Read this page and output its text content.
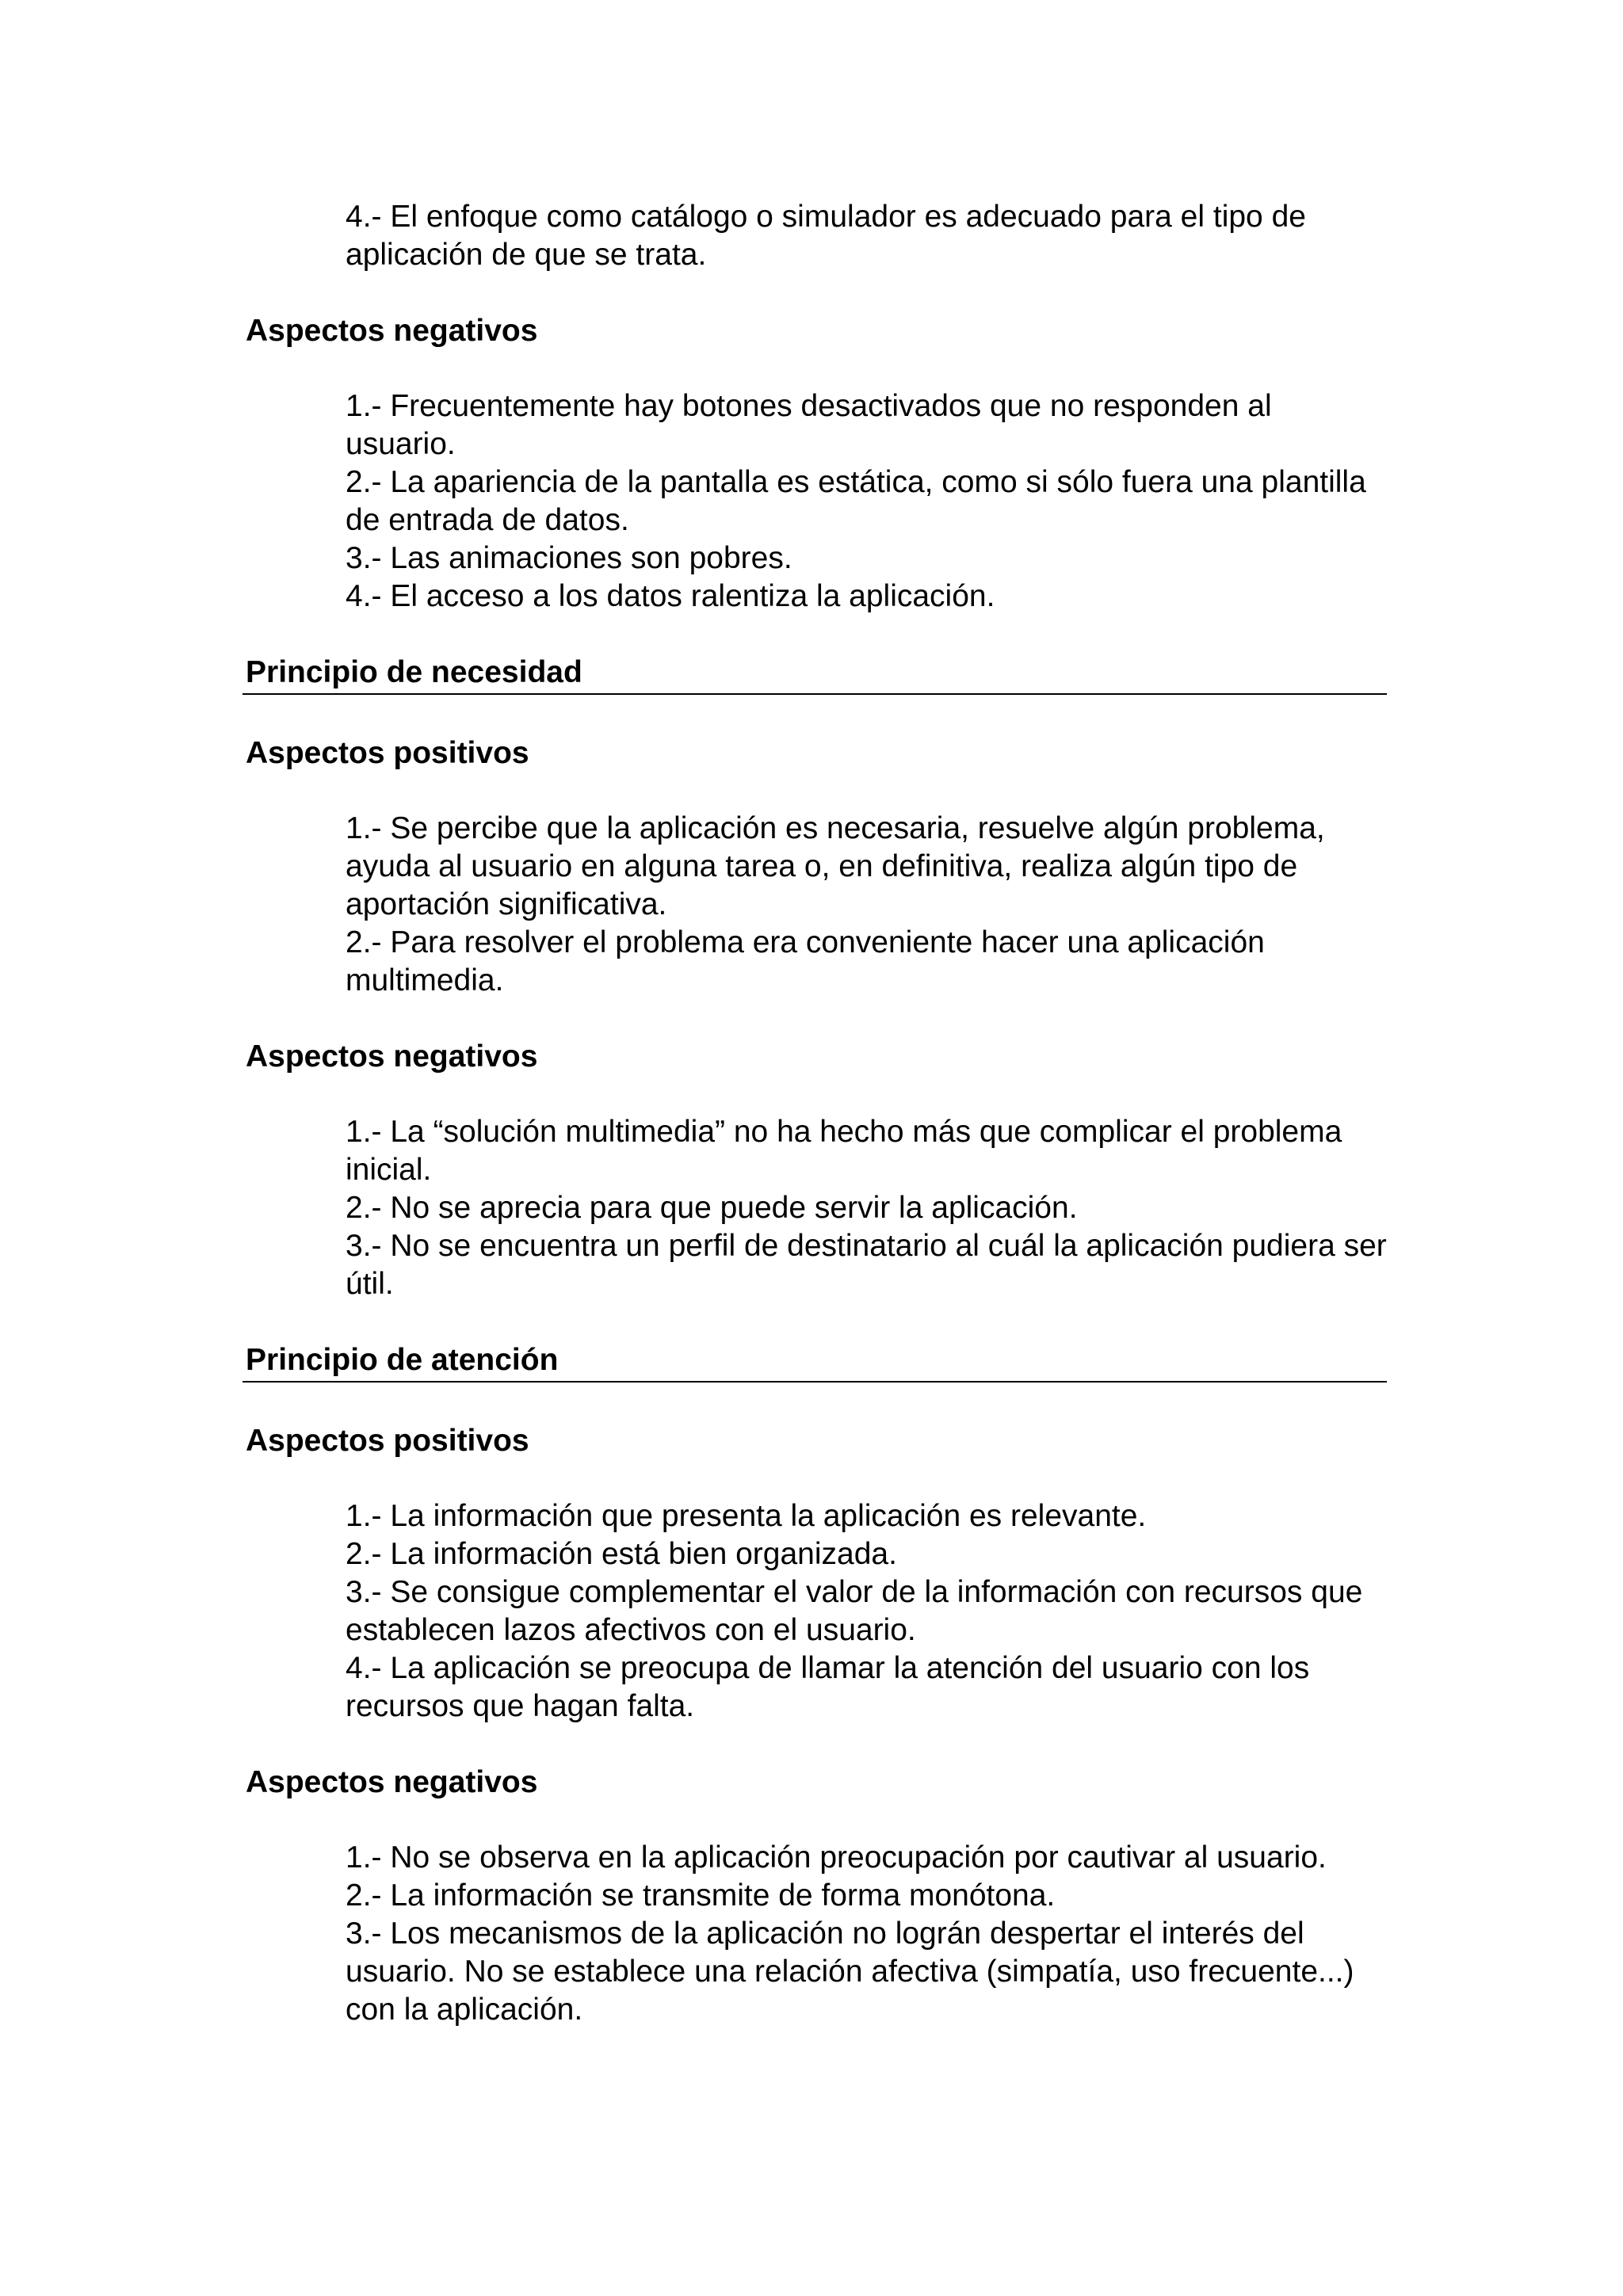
4.- El enfoque como catálogo o simulador es adecuado para el tipo de aplicación de que se trata.
Aspectos negativos
1.- Frecuentemente hay botones desactivados que no responden al usuario.
2.- La apariencia de la pantalla es estática, como si sólo fuera una plantilla de entrada de datos.
3.- Las animaciones son pobres.
4.- El acceso a los datos ralentiza la aplicación.
Principio de necesidad
Aspectos positivos
1.- Se percibe que la aplicación es necesaria, resuelve algún problema, ayuda al usuario en alguna tarea o, en definitiva, realiza algún tipo de aportación significativa.
2.- Para resolver el problema era conveniente hacer una aplicación multimedia.
Aspectos negativos
1.- La “solución multimedia” no ha hecho más que complicar el problema inicial.
2.- No se aprecia para que puede servir la aplicación.
3.- No se encuentra un perfil de destinatario al cuál la aplicación pudiera ser útil.
Principio de atención
Aspectos positivos
1.- La información que presenta la aplicación es relevante.
2.- La información está bien organizada.
3.- Se consigue complementar el valor de la información con recursos que establecen lazos afectivos con el usuario.
4.- La aplicación se preocupa de llamar la atención del usuario con los recursos que hagan falta.
Aspectos negativos
1.- No se observa en la aplicación preocupación por cautivar al usuario.
2.- La información se transmite de forma monótona.
3.- Los mecanismos de la aplicación no lográn despertar el interés del usuario. No se establece una relación afectiva (simpatía, uso frecuente...) con la aplicación.
